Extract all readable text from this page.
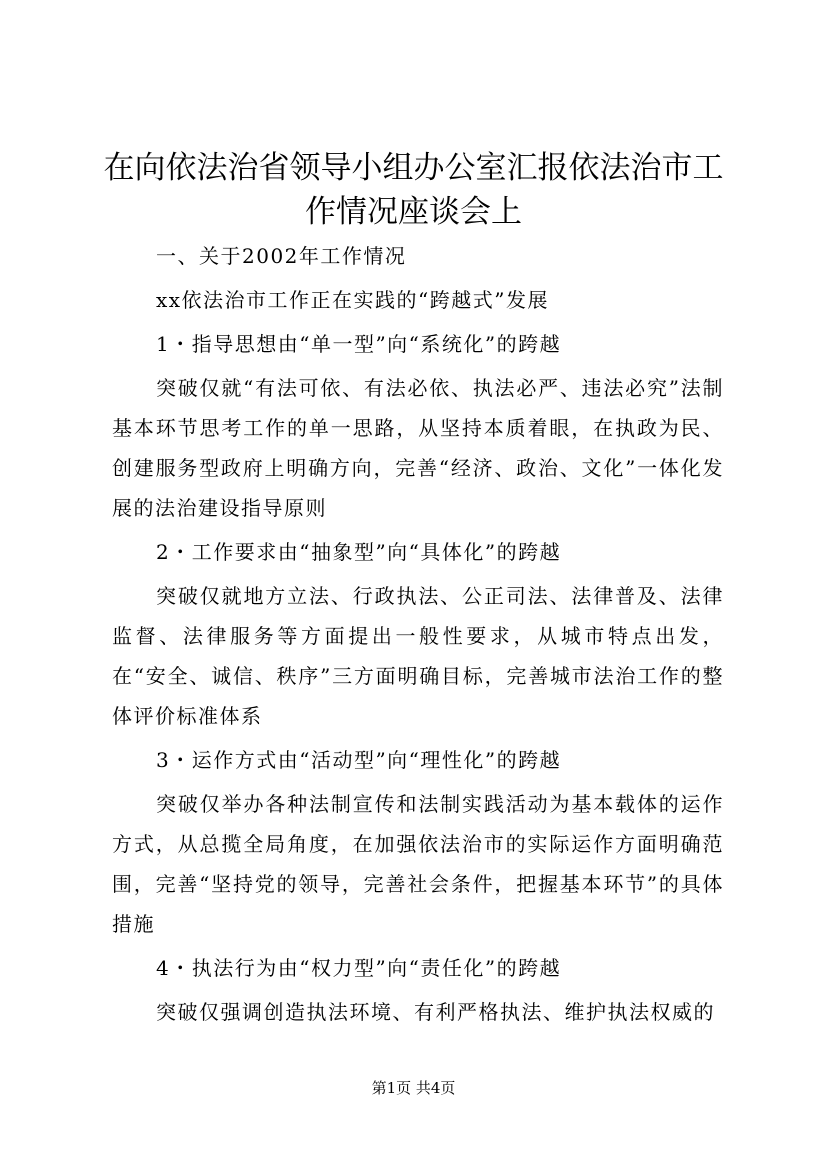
在向依法治省领导小组办公室汇报依法治市工
作情况座谈会上

一、关于2002年工作情况

xx依法治市工作正在实践的“跨越式”发展

1・指导思想由“单一型”向“系统化”的跨越

突破仅就“有法可依、有法必依、执法必严、违法必究”法制基本环节思考工作的单一思路，从坚持本质着眼，在执政为民、创建服务型政府上明确方向，完善“经济、政治、文化”一体化发展的法治建设指导原则

2・工作要求由“抽象型”向“具体化”的跨越

突破仅就地方立法、行政执法、公正司法、法律普及、法律监督、法律服务等方面提出一般性要求，从城市特点出发，在“安全、诚信、秩序”三方面明确目标，完善城市法治工作的整体评价标准体系

3・运作方式由“活动型”向“理性化”的跨越

突破仅举办各种法制宣传和法制实践活动为基本载体的运作方式，从总揽全局角度，在加强依法治市的实际运作方面明确范围，完善“坚持党的领导，完善社会条件，把握基本环节”的具体措施

4・执法行为由“权力型”向“责任化”的跨越

突破仅强调创造执法环境、有利严格执法、维护执法权威的

第1页 共4页
